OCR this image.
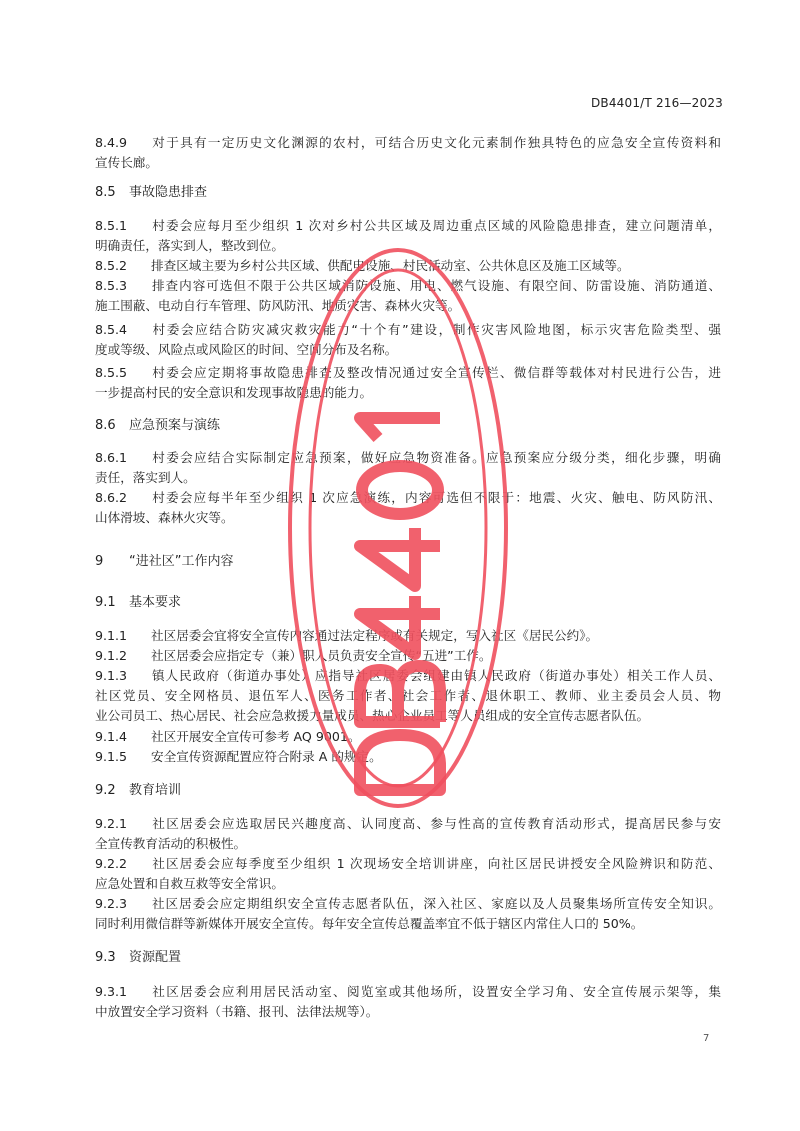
DB4401/T 216—2023
8.4.9 对于具有一定历史文化渊源的农村，可结合历史文化元素制作独具特色的应急安全宣传资料和
宣传长廊。
8.5 事故隐患排查
8.5.1 村委会应每月至少组织 1 次对乡村公共区域及周边重点区域的风险隐患排查，建立问题清单，
明确责任，落实到人，整改到位。
8.5.2 排查区域主要为乡村公共区域、供配电设施、村民活动室、公共休息区及施工区域等。
8.5.3 排查内容可选但不限于公共区域消防设施、用电、燃气设施、有限空间、防雷设施、消防通道、
施工围蔽、电动自行车管理、防风防汛、地质灾害、森林火灾等。
8.5.4 村委会应结合防灾减灾救灾能力“十个有”建设，制作灾害风险地图，标示灾害危险类型、强
度或等级、风险点或风险区的时间、空间分布及名称。
8.5.5 村委会应定期将事故隐患排查及整改情况通过安全宣传栏、微信群等载体对村民进行公告，进
一步提高村民的安全意识和发现事故隐患的能力。
8.6 应急预案与演练
8.6.1 村委会应结合实际制定应急预案，做好应急物资准备。应急预案应分级分类，细化步骤，明确
责任，落实到人。
8.6.2 村委会应每半年至少组织 1 次应急演练，内容可选但不限于：地震、火灾、触电、防风防汛、
山体滑坡、森林火灾等。
9 “进社区”工作内容
9.1 基本要求
9.1.1 社区居委会宜将安全宣传内容通过法定程序或有关规定，写入社区《居民公约》。
9.1.2 社区居委会应指定专（兼）职人员负责安全宣传“五进”工作。
9.1.3 镇人民政府（街道办事处）应指导社区居委会组建由镇人民政府（街道办事处）相关工作人员、
社区党员、安全网格员、退伍军人、医务工作者、社会工作者、退休职工、教师、业主委员会人员、物
业公司员工、热心居民、社会应急救援力量成员、热心企业员工等人员组成的安全宣传志愿者队伍。
9.1.4 社区开展安全宣传可参考 AQ 9001。
9.1.5 安全宣传资源配置应符合附录 A 的规定。
9.2 教育培训
9.2.1 社区居委会应选取居民兴趣度高、认同度高、参与性高的宣传教育活动形式，提高居民参与安
全宣传教育活动的积极性。
9.2.2 社区居委会应每季度至少组织 1 次现场安全培训讲座，向社区居民讲授安全风险辨识和防范、
应急处置和自救互救等安全常识。
9.2.3 社区居委会应定期组织安全宣传志愿者队伍，深入社区、家庭以及人员聚集场所宣传安全知识。
同时利用微信群等新媒体开展安全宣传。每年安全宣传总覆盖率宜不低于辖区内常住人口的 50%。
9.3 资源配置
9.3.1 社区居委会应利用居民活动室、阅览室或其他场所，设置安全学习角、安全宣传展示架等，集
中放置安全学习资料（书籍、报刊、法律法规等）。
7
